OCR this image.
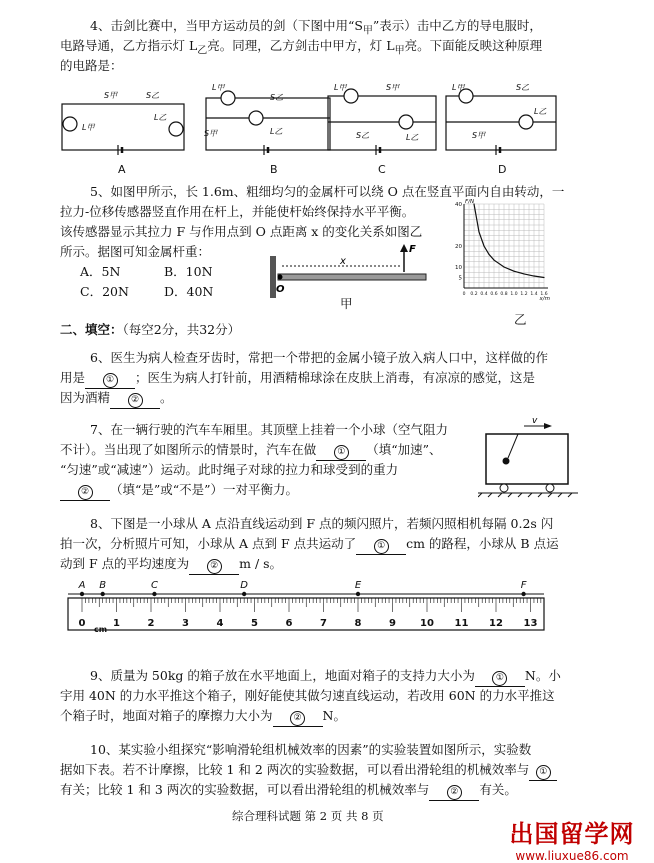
4、击剑比赛中，当甲方运动员的剑（下图中用“$S_甲$”表示）击中乙方的导电服时，
电路导通，乙方指示灯 $L_乙$亮。同理，乙方剑击中甲方，灯 $L_甲$亮。下面能反映这种原理
的电路是：
S甲	S乙
L甲
L乙
L甲
S乙
S甲	L乙
L甲	S甲
S乙	L乙
L甲	S乙
S甲
L乙
A	B	C	D
5、如图甲所示，长 1.6m、粗细均匀的金属杆可以绕 O 点在竖直平面内自由转动，一
拉力-位移传感器竖直作用在杆上，并能使杆始终保持水平平衡。
该传感器显示其拉力 F 与作用点到 O 点距离 x 的变化关系如图乙
所示。据图可知金属杆重：
A．5N	B．10N
C．20N	D．40N
x
F
O
甲
5
10
20
40
0 0.2 0.4 0.6 0.8 1.0 1.2 1.4 1.6
F/N
x/m
乙
二、填空：（每空2分，共32分）
6、医生为病人检查牙齿时，常把一个带把的金属小镜子放入病人口中，这样做的作
用是 ① ；医生为病人打针前，用酒精棉球涂在皮肤上消毒，有凉凉的感觉，这是
因为酒精 ② 。
7、在一辆行驶的汽车车厢里。其顶壁上挂着一个小球（空气阻力
不计）。当出现了如图所示的情景时，汽车在做 ① （填“加速”、
“匀速”或“减速”）运动。此时绳子对球的拉力和球受到的重力
② （填“是”或“不是”）一对平衡力。
v
8、下图是一小球从 A 点沿直线运动到 F 点的频闪照片，若频闪照相机每隔 0.2s 闪
拍一次，分析照片可知，小球从 A 点到 F 点共运动了 ① cm 的路程，小球从 B 点运
动到 F 点的平均速度为 ② m / s。
0	1	2	3	4	5	6	7	8	9 10 11 12 13
cm
A B	C	D	E	F
9、质量为 50kg 的箱子放在水平地面上，地面对箱子的支持力大小为 ① N。小
宇用 40N 的力水平推这个箱子，刚好能使其做匀速直线运动，若改用 60N 的力水平推这
个箱子时，地面对箱子的摩擦力大小为 ② N。
10、某实验小组探究“影响滑轮组机械效率的因素”的实验装置如图所示，实验数
据如下表。若不计摩擦，比较 1 和 2 两次的实验数据，可以看出滑轮组的机械效率与 ①
有关；比较 1 和 3 两次的实验数据，可以看出滑轮组的机械效率与 ② 有关。
综合理科试题 第 2 页 共 8 页
出国留学网
www.liuxue86.com
